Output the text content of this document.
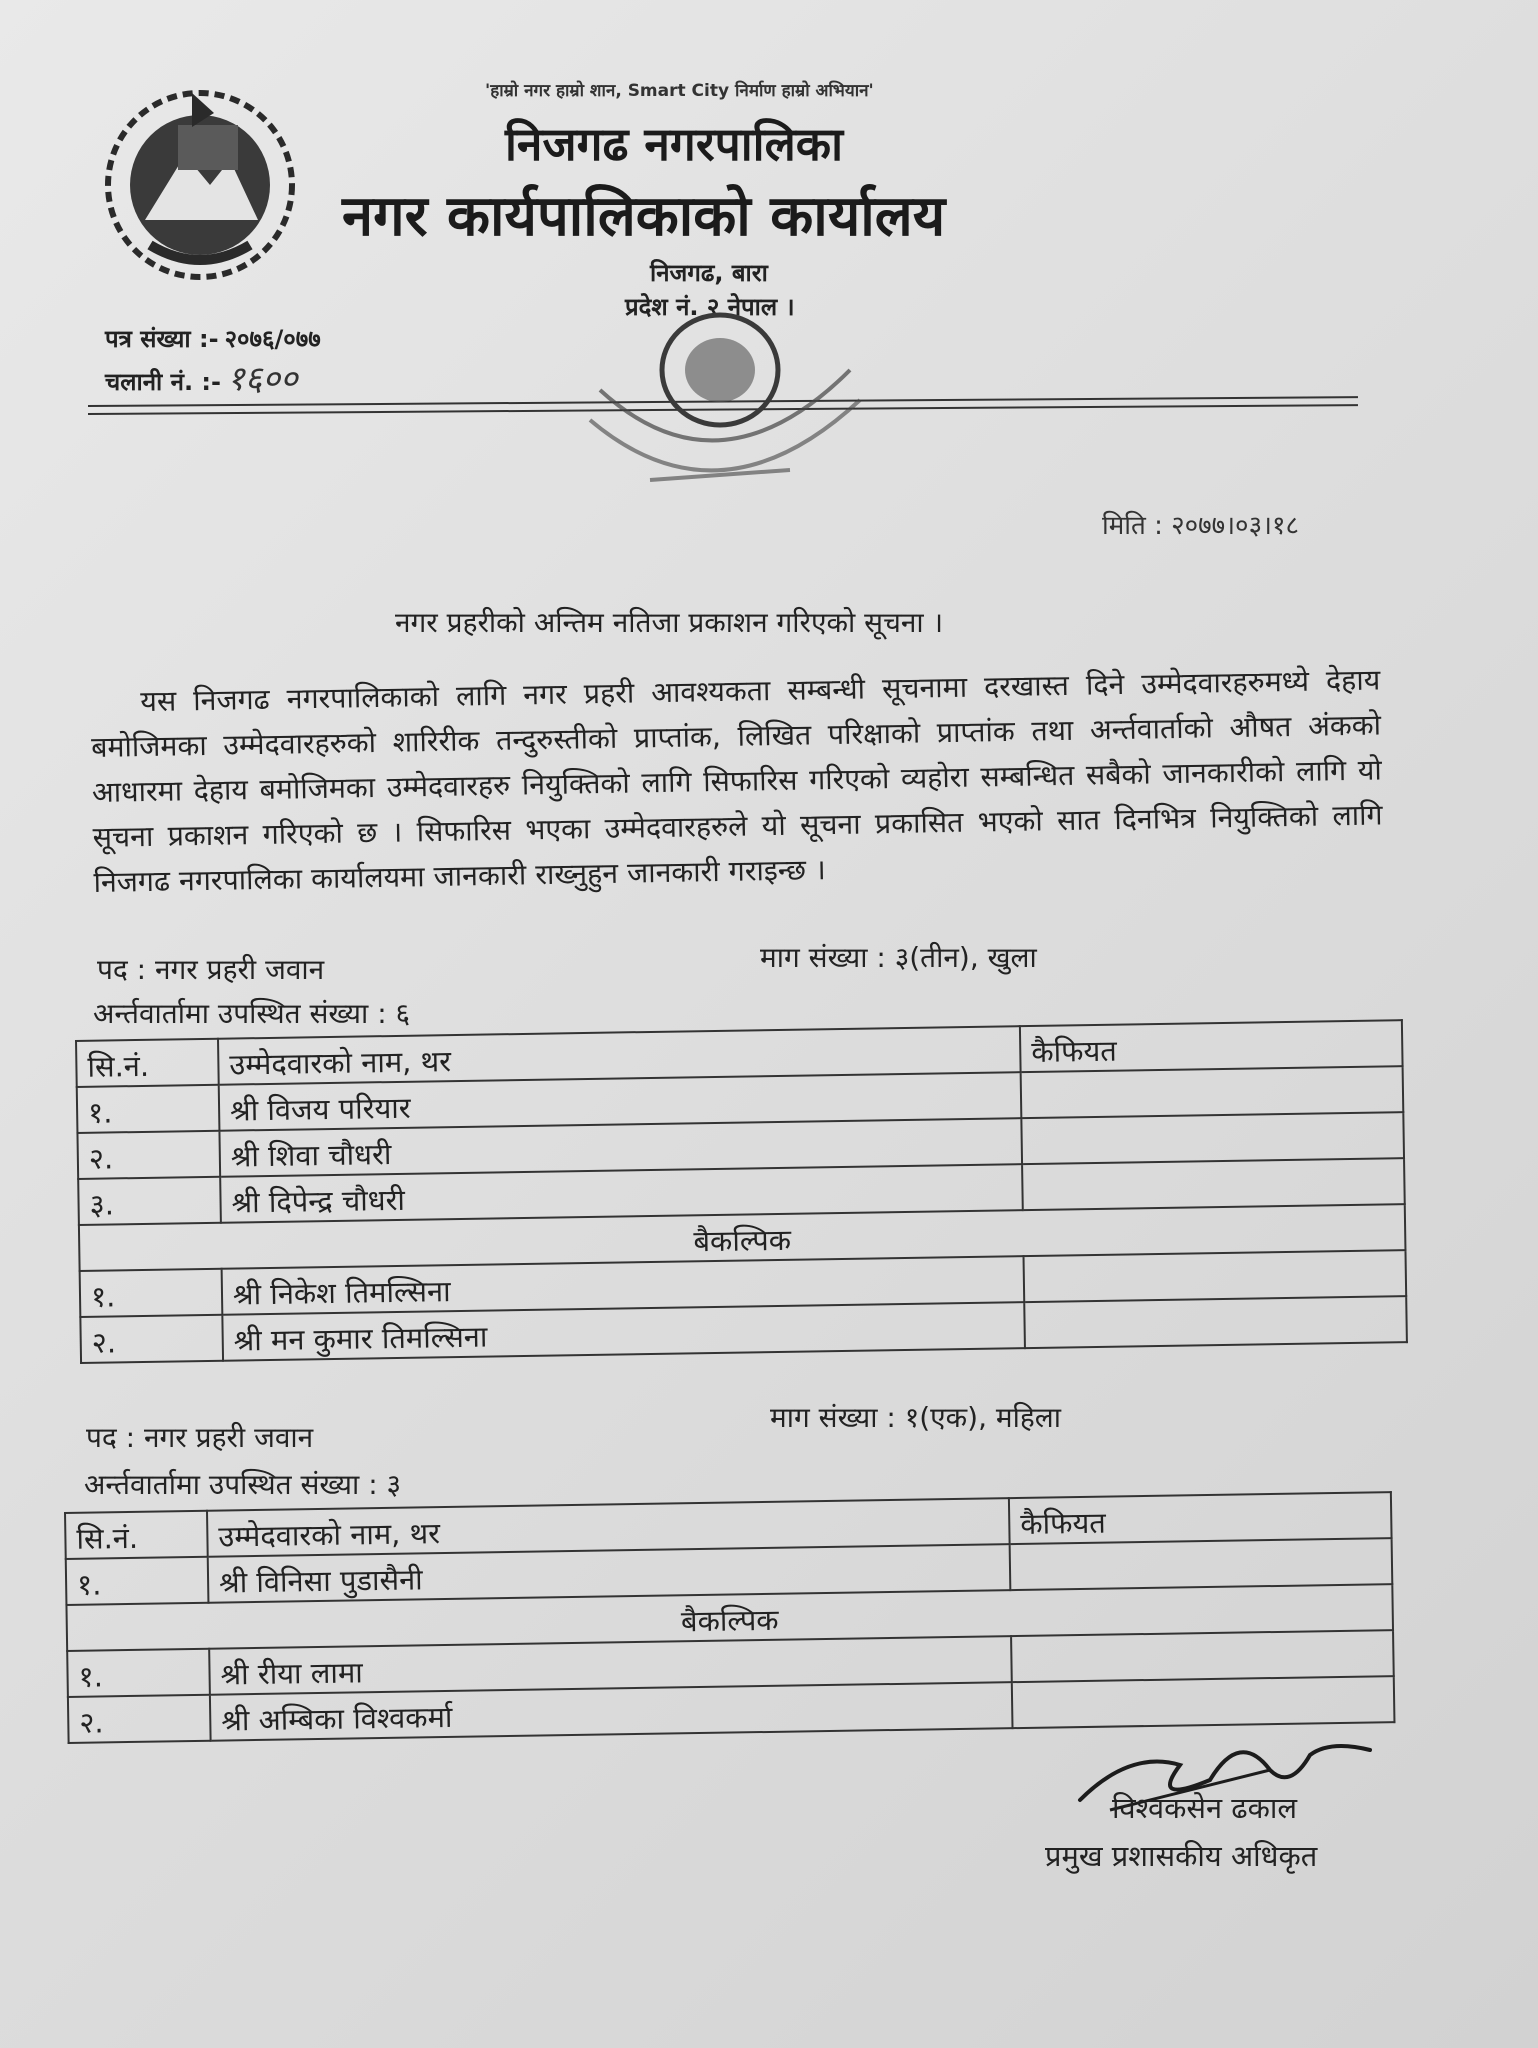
'हाम्रो नगर हाम्रो शान, Smart City निर्माण हाम्रो अभियान'
निजगढ नगरपालिका
नगर कार्यपालिकाको कार्यालय
निजगढ, बारा
प्रदेश नं. २ नेपाल ।
पत्र संख्या :- २०७६/०७७
चलानी नं. :- १६००
मिति : २०७७।०३।१८
नगर प्रहरीको अन्तिम नतिजा प्रकाशन गरिएको सूचना ।
यस निजगढ नगरपालिकाको लागि नगर प्रहरी आवश्यकता सम्बन्धी सूचनामा दरखास्त दिने उम्मेदवारहरुमध्ये देहाय बमोजिमका उम्मेदवारहरुको शारिरीक तन्दुरुस्तीको प्राप्तांक, लिखित परिक्षाको प्राप्तांक तथा अर्न्तवार्ताको औषत अंकको आधारमा देहाय बमोजिमका उम्मेदवारहरु नियुक्तिको लागि सिफारिस गरिएको व्यहोरा सम्बन्धित सबैको जानकारीको लागि यो सूचना प्रकाशन गरिएको छ । सिफारिस भएका उम्मेदवारहरुले यो सूचना प्रकासित भएको सात दिनभित्र नियुक्तिको लागि निजगढ नगरपालिका कार्यालयमा जानकारी राख्नुहुन जानकारी गराइन्छ ।
पद : नगर प्रहरी जवान	माग संख्या : ३(तीन), खुला
अर्न्तवार्तामा उपस्थित संख्या : ६
सि.नं.	उम्मेदवारको नाम, थर	कैफियत
१.	श्री विजय परियार	
२.	श्री शिवा चौधरी	
३.	श्री दिपेन्द्र चौधरी	
बैकल्पिक		
१.	श्री निकेश तिमल्सिना	
२.	श्री मन कुमार तिमल्सिना	
पद : नगर प्रहरी जवान
माग संख्या : १(एक), महिला
अर्न्तवार्तामा उपस्थित संख्या : ३
सि.नं.	उम्मेदवारको नाम, थर	कैफियत
१.	श्री विनिसा पुडासैनी	
बैकल्पिक		
१.	श्री रीया लामा	
२.	श्री अम्बिका विश्वकर्मा	
विश्वकसेन ढकाल
प्रमुख प्रशासकीय अधिकृत
